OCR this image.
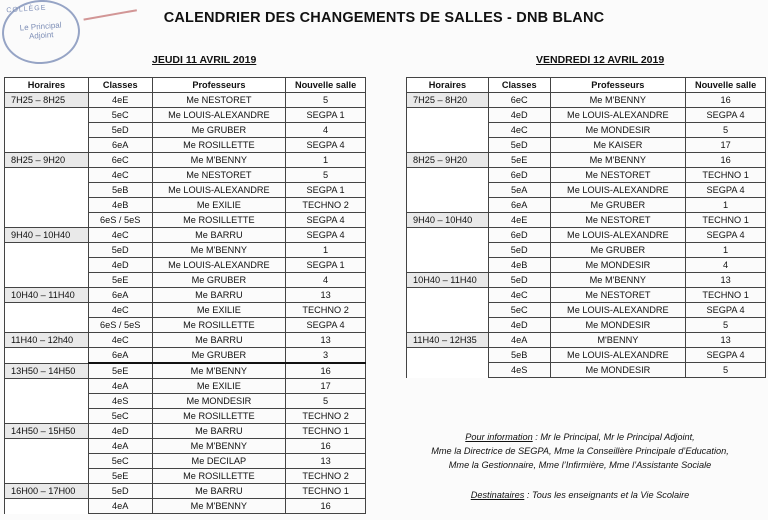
COLLÈGE
Le Principal
Adjoint
CALENDRIER DES CHANGEMENTS DE SALLES - DNB BLANC
JEUDI 11 AVRIL 2019	VENDREDI 12 AVRIL 2019
Horaires	Classes	Professeurs	Nouvelle salle
7H25 – 8H25	4eE	Me NESTORET	5
	5eC	Me LOUIS-ALEXANDRE	SEGPA 1
	5eD	Me GRUBER	4
	6eA	Me ROSILLETTE	SEGPA 4
8H25 – 9H20	6eC	Me M'BENNY	1
	4eC	Me NESTORET	5
	5eB	Me LOUIS-ALEXANDRE	SEGPA 1
	4eB	Me EXILIE	TECHNO 2
	6eS / 5eS	Me ROSILLETTE	SEGPA 4
9H40 – 10H40	4eC	Me BARRU	SEGPA 4
	5eD	Me M'BENNY	1
	4eD	Me LOUIS-ALEXANDRE	SEGPA 1
	5eE	Me GRUBER	4
10H40 – 11H40	6eA	Me BARRU	13
	4eC	Me EXILIE	TECHNO 2
	6eS / 5eS	Me ROSILLETTE	SEGPA 4
11H40 – 12h40	4eC	Me BARRU	13
	6eA	Me GRUBER	3
13H50 – 14H50	5eE	Me M'BENNY	16
	4eA	Me EXILIE	17
	4eS	Me MONDESIR	5
	5eC	Me ROSILLETTE	TECHNO 2
14H50 – 15H50	4eD	Me BARRU	TECHNO 1
	4eA	Me M'BENNY	16
	5eC	Me DECILAP	13
	5eE	Me ROSILLETTE	TECHNO 2
16H00 – 17H00	5eD	Me BARRU	TECHNO 1
	4eA	Me M'BENNY	16
Horaires	Classes	Professeurs	Nouvelle salle
7H25 – 8H20	6eC	Me M'BENNY	16
	4eD	Me LOUIS-ALEXANDRE	SEGPA 4
	4eC	Me MONDESIR	5
	5eD	Me KAISER	17
8H25 – 9H20	5eE	Me M'BENNY	16
	6eD	Me NESTORET	TECHNO 1
	5eA	Me LOUIS-ALEXANDRE	SEGPA 4
	6eA	Me GRUBER	1
9H40 – 10H40	4eE	Me NESTORET	TECHNO 1
	6eD	Me LOUIS-ALEXANDRE	SEGPA 4
	5eD	Me GRUBER	1
	4eB	Me MONDESIR	4
10H40 – 11H40	5eD	Me M'BENNY	13
	4eC	Me NESTORET	TECHNO 1
	5eC	Me LOUIS-ALEXANDRE	SEGPA 4
	4eD	Me MONDESIR	5
11H40 – 12H35	4eA	M'BENNY	13
	5eB	Me LOUIS-ALEXANDRE	SEGPA 4
	4eS	Me MONDESIR	5
Pour information : Mr le Principal, Mr le Principal Adjoint,
Mme la Directrice de SEGPA, Mme la Conseillère Principale d’Education,
Mme la Gestionnaire, Mme l’Infirmière, Mme l’Assistante Sociale
Destinataires : Tous les enseignants et la Vie Scolaire
